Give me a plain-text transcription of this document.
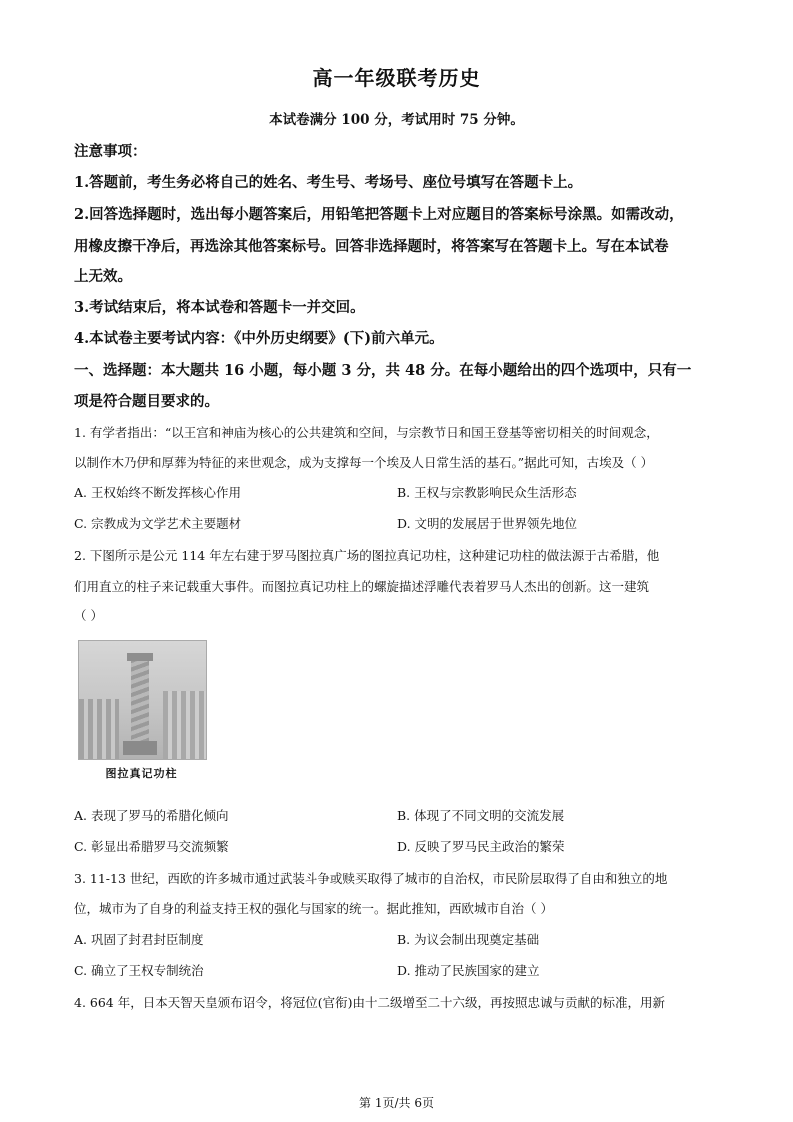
高一年级联考历史
本试卷满分 100 分，考试用时 75 分钟。
注意事项：
1.答题前，考生务必将自己的姓名、考生号、考场号、座位号填写在答题卡上。
2.回答选择题时，选出每小题答案后，用铅笔把答题卡上对应题目的答案标号涂黑。如需改动，
用橡皮擦干净后，再选涂其他答案标号。回答非选择题时，将答案写在答题卡上。写在本试卷
上无效。
3.考试结束后，将本试卷和答题卡一并交回。
4.本试卷主要考试内容：《中外历史纲要》(下)前六单元。
一、选择题：本大题共 16 小题，每小题 3 分，共 48 分。在每小题给出的四个选项中，只有一
项是符合题目要求的。
1. 有学者指出：“以王宫和神庙为核心的公共建筑和空间，与宗教节日和国王登基等密切相关的时间观念，
以制作木乃伊和厚葬为特征的来世观念，成为支撑每一个埃及人日常生活的基石。”据此可知，古埃及（ ）
A. 王权始终不断发挥核心作用	B. 王权与宗教影响民众生活形态
C. 宗教成为文学艺术主要题材	D. 文明的发展居于世界领先地位
2. 下图所示是公元 114 年左右建于罗马图拉真广场的图拉真记功柱，这种建记功柱的做法源于古希腊，他
们用直立的柱子来记载重大事件。而图拉真记功柱上的螺旋描述浮雕代表着罗马人杰出的创新。这一建筑
（ ）
图拉真记功柱
A. 表现了罗马的希腊化倾向	B. 体现了不同文明的交流发展
C. 彰显出希腊罗马交流频繁	D. 反映了罗马民主政治的繁荣
3. 11-13 世纪，西欧的许多城市通过武装斗争或赎买取得了城市的自治权，市民阶层取得了自由和独立的地
位，城市为了自身的利益支持王权的强化与国家的统一。据此推知，西欧城市自治（ ）
A. 巩固了封君封臣制度	B. 为议会制出现奠定基础
C. 确立了王权专制统治	D. 推动了民族国家的建立
4. 664 年，日本天智天皇颁布诏令，将冠位(官衔)由十二级增至二十六级，再按照忠诚与贡献的标准，用新
第 1页/共 6页
